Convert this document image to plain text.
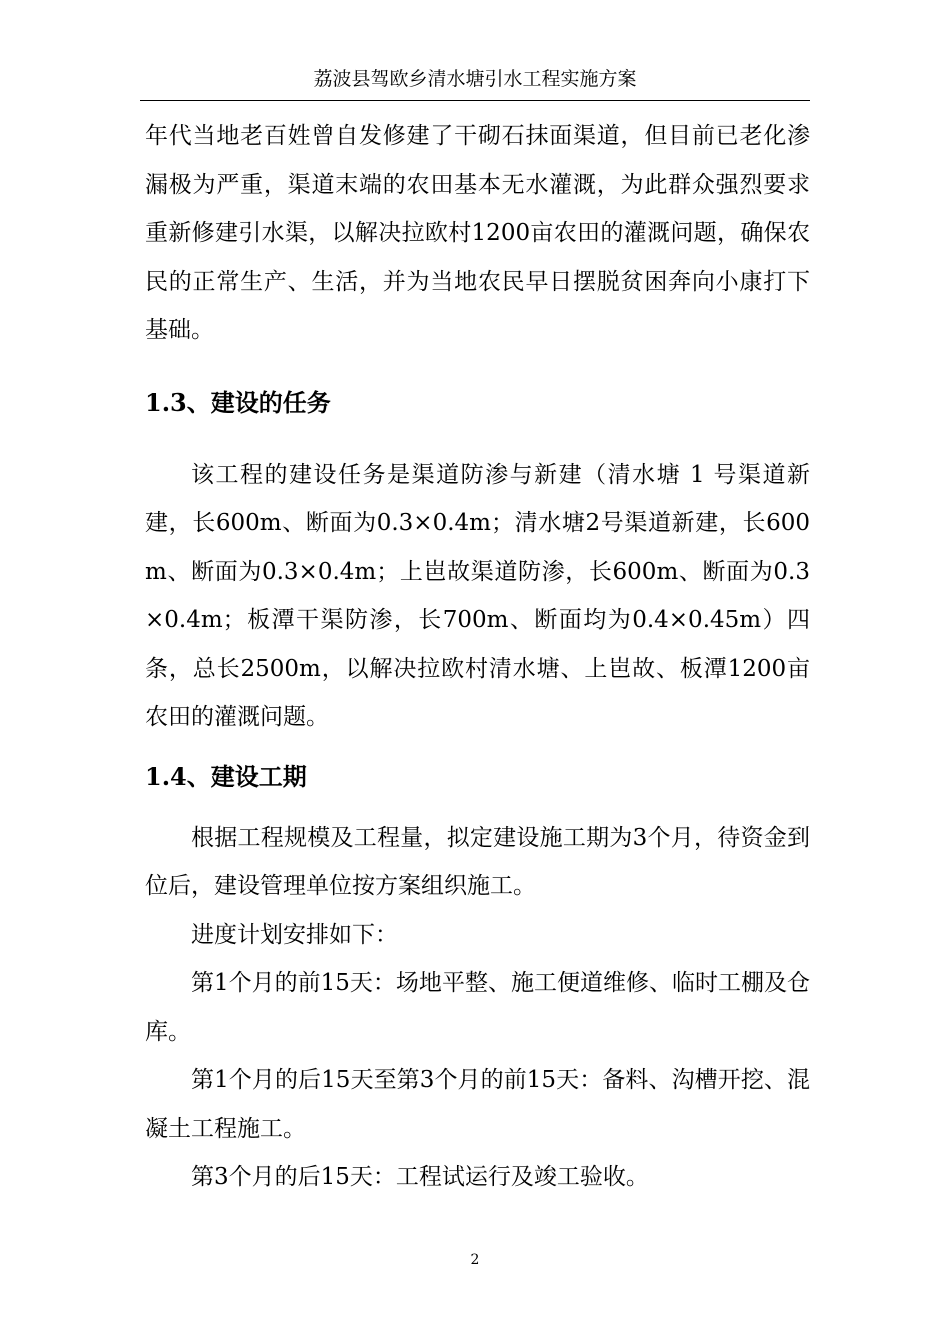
荔波县驾欧乡清水塘引水工程实施方案

年代当地老百姓曾自发修建了干砌石抹面渠道，但目前已老化渗漏极为严重，渠道末端的农田基本无水灌溉，为此群众强烈要求重新修建引水渠，以解决拉欧村1200亩农田的灌溉问题，确保农民的正常生产、生活，并为当地农民早日摆脱贫困奔向小康打下基础。

1.3、建设的任务

该工程的建设任务是渠道防渗与新建（清水塘 1 号渠道新建，长600m、断面为0.3×0.4m；清水塘2号渠道新建，长600m、断面为0.3×0.4m；上岜故渠道防渗，长600m、断面为0.3×0.4m；板潭干渠防渗，长700m、断面均为0.4×0.45m）四条，总长2500m，以解决拉欧村清水塘、上岜故、板潭1200亩农田的灌溉问题。

1.4、建设工期

根据工程规模及工程量，拟定建设施工期为3个月，待资金到位后，建设管理单位按方案组织施工。

进度计划安排如下：

第1个月的前15天：场地平整、施工便道维修、临时工棚及仓库。

第1个月的后15天至第3个月的前15天：备料、沟槽开挖、混凝土工程施工。

第3个月的后15天：工程试运行及竣工验收。

2
